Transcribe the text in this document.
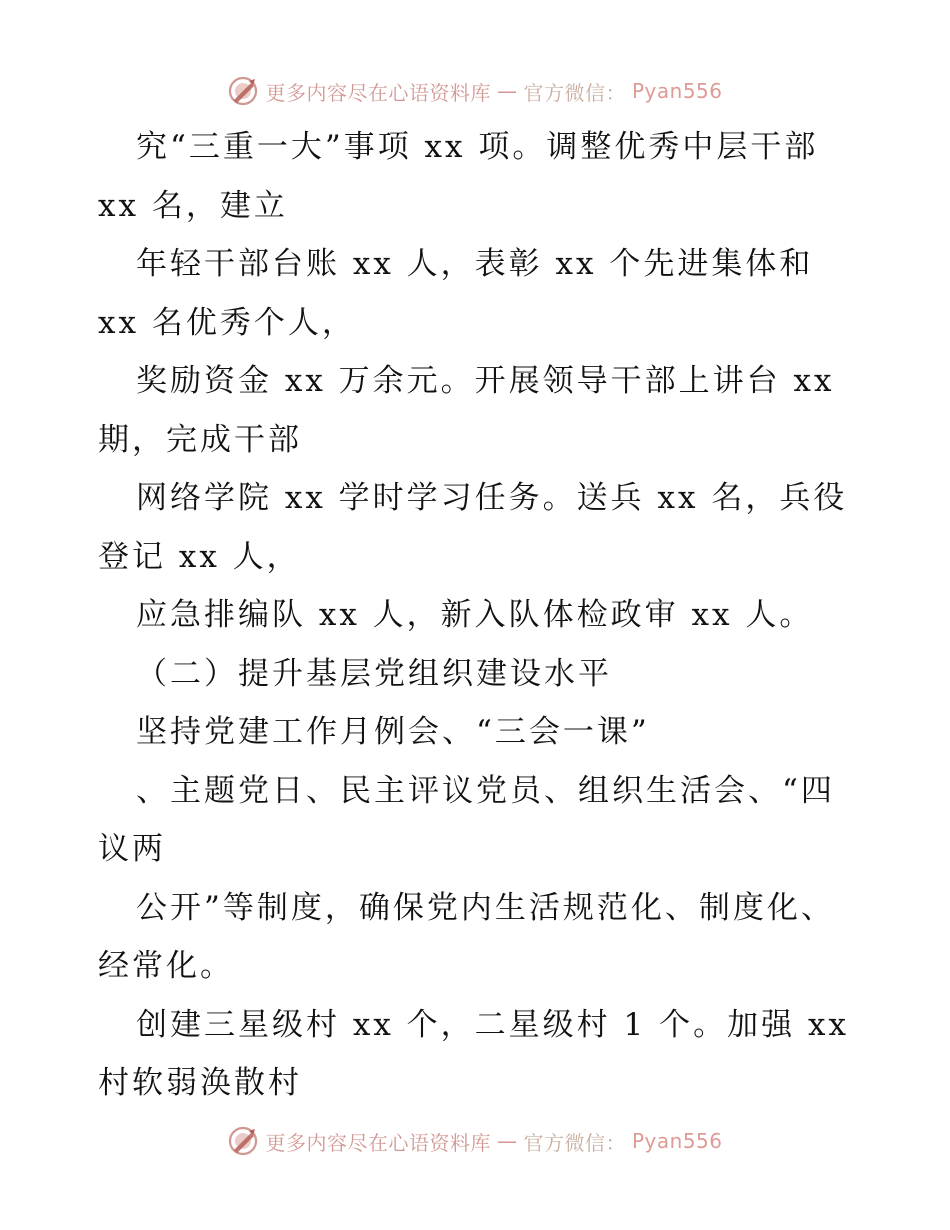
更多内容尽在心语资料库 — 官方微信： Pyan556
究“三重一大”事项 xx 项。调整优秀中层干部
xx 名，建立
年轻干部台账 xx 人，表彰 xx 个先进集体和
xx 名优秀个人，
奖励资金 xx 万余元。开展领导干部上讲台 xx
期，完成干部
网络学院 xx 学时学习任务。送兵 xx 名，兵役
登记 xx 人，
应急排编队 xx 人，新入队体检政审 xx 人。
（二）提升基层党组织建设水平
坚持党建工作月例会、“三会一课”
、主题党日、民主评议党员、组织生活会、“四
议两
公开”等制度，确保党内生活规范化、制度化、
经常化。
创建三星级村 xx 个，二星级村 1 个。加强 xx
村软弱涣散村
更多内容尽在心语资料库 — 官方微信： Pyan556
